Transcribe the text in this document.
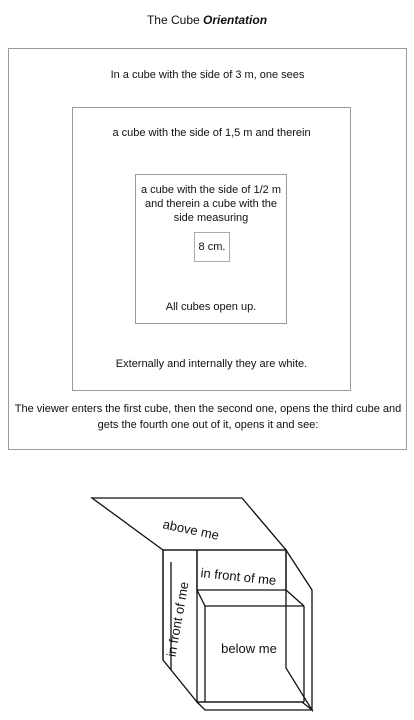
The Cube Orientation
In a cube with the side of 3 m, one sees
a cube with the side of 1,5 m and therein
a cube with the side of 1/2 m and therein a cube with the side measuring
8 cm.
All cubes open up.
Externally and internally they are white.
The viewer enters the first cube, then the second one, opens the third cube and gets the fourth one out of it, opens it and see:
above me
in front of me
below me
in front of me
